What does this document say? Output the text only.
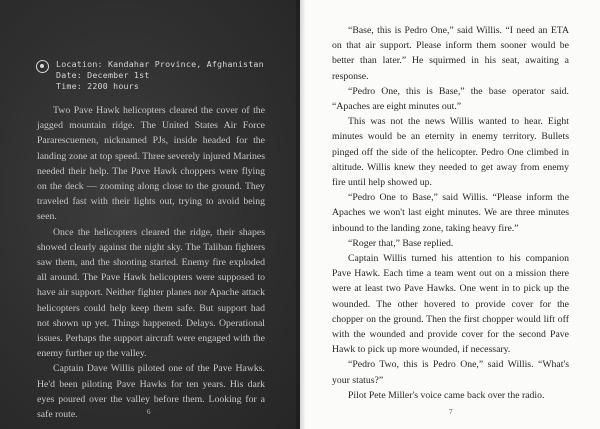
Location: Kandahar Province, Afghanistan
Date: December 1st
Time: 2200 hours

Two Pave Hawk helicopters cleared the cover of the jagged mountain ridge. The United States Air Force Pararescuemen, nicknamed PJs, inside headed for the landing zone at top speed. Three severely injured Marines needed their help. The Pave Hawk choppers were flying on the deck — zooming along close to the ground. They traveled fast with their lights out, trying to avoid being seen.

Once the helicopters cleared the ridge, their shapes showed clearly against the night sky. The Taliban fighters saw them, and the shooting started. Enemy fire exploded all around. The Pave Hawk helicopters were supposed to have air support. Neither fighter planes nor Apache attack helicopters could help keep them safe. But support had not shown up yet. Things happened. Delays. Operational issues. Perhaps the support aircraft were engaged with the enemy further up the valley.

Captain Dave Willis piloted one of the Pave Hawks. He'd been piloting Pave Hawks for ten years. His dark eyes poured over the valley before them. Looking for a safe route.	6

“Base, this is Pedro One,” said Willis. “I need an ETA on that air support. Please inform them sooner would be better than later.” He squirmed in his seat, awaiting a response.

“Pedro One, this is Base,” the base operator said. “Apaches are eight minutes out.”

This was not the news Willis wanted to hear. Eight minutes would be an eternity in enemy territory. Bullets pinged off the side of the helicopter. Pedro One climbed in altitude. Willis knew they needed to get away from enemy fire until help showed up.

“Pedro One to Base,” said Willis. “Please inform the Apaches we won't last eight minutes. We are three minutes inbound to the landing zone, taking heavy fire.”

“Roger that,” Base replied.

Captain Willis turned his attention to his companion Pave Hawk. Each time a team went out on a mission there were at least two Pave Hawks. One went in to pick up the wounded. The other hovered to provide cover for the chopper on the ground. Then the first chopper would lift off with the wounded and provide cover for the second Pave Hawk to pick up more wounded, if necessary.

“Pedro Two, this is Pedro One,” said Willis. “What's your status?”

Pilot Pete Miller's voice came back over the radio.

7
